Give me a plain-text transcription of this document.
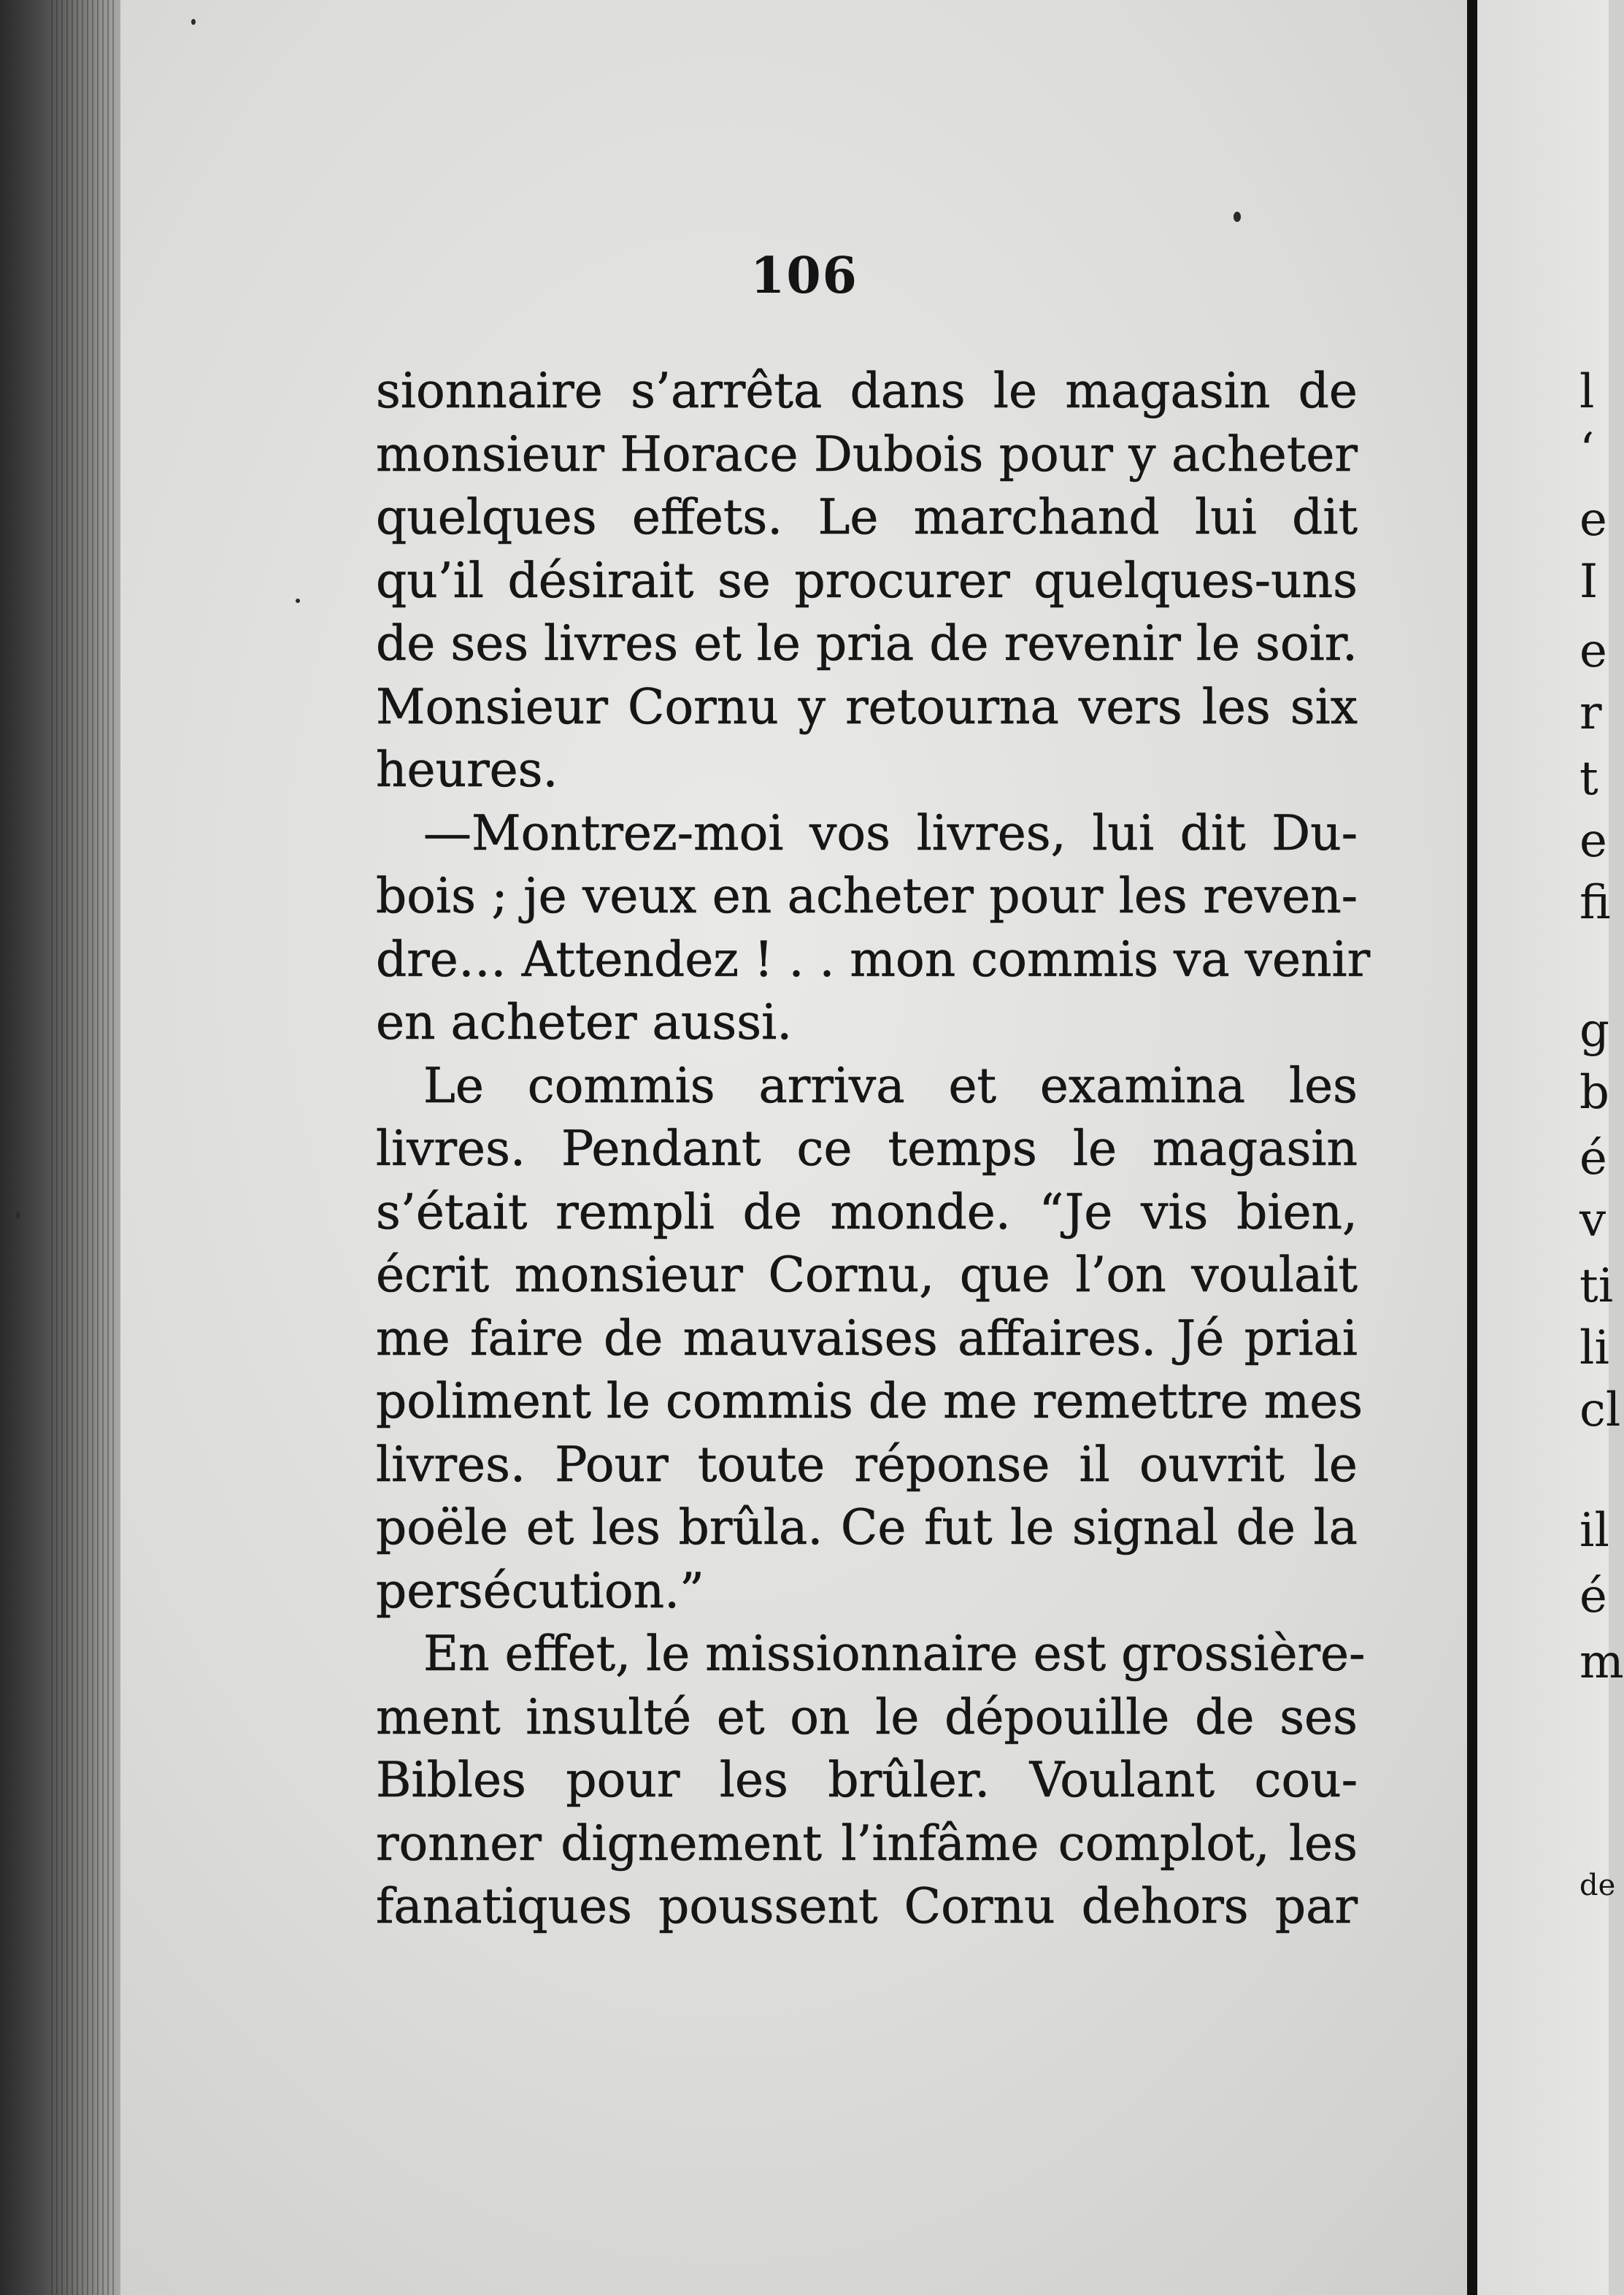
106
sionnaire s’arrêta dans le magasin de
monsieur Horace Dubois pour y acheter
quelques effets. Le marchand lui dit
qu’il désirait se procurer quelques-uns
de ses livres et le pria de revenir le soir.
Monsieur Cornu y retourna vers les six
heures.
—Montrez-moi vos livres, lui dit Du-
bois ; je veux en acheter pour les reven-
dre… Attendez ! . . mon commis va venir
en acheter aussi.
Le commis arriva et examina les
livres. Pendant ce temps le magasin
s’était rempli de monde. “Je vis bien,
écrit monsieur Cornu, que l’on voulait
me faire de mauvaises affaires. Jé priai
poliment le commis de me remettre mes
livres. Pour toute réponse il ouvrit le
poële et les brûla. Ce fut le signal de la
persécution.”
En effet, le missionnaire est grossière-
ment insulté et on le dépouille de ses
Bibles pour les brûler. Voulant cou-
ronner dignement l’infâme complot, les
fanatiques poussent Cornu dehors par
l
‘
e
I
e
r
t
e
fi
g
b
é
v
ti
li
cl
il
é
m
de
